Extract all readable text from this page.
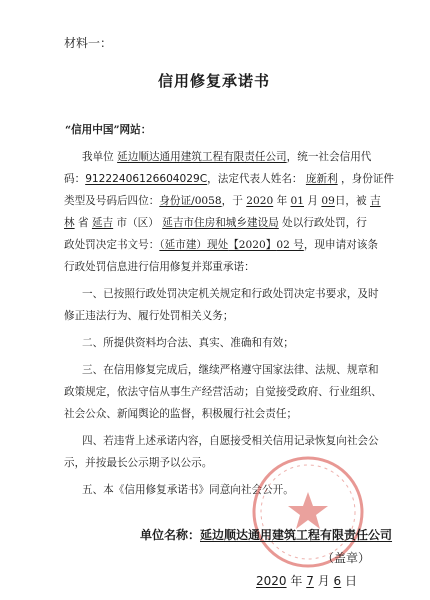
材料一：
信用修复承诺书
“信用中国”网站：
我单位 延边顺达通用建筑工程有限责任公司，统一社会信用代
码：91222406126604029C，法定代表人姓名： 庞新利 ，身份证件
类型及号码后四位：身份证/0058，于 2020 年 01 月 09日，被 吉
林 省 延吉 市（区） 延吉市住房和城乡建设局 处以行政处罚，行
政处罚决定书文号：（延市建）现处【2020】02 号，现申请对该条
行政处罚信息进行信用修复并郑重承诺：
一、已按照行政处罚决定机关规定和行政处罚决定书要求，及时
修正违法行为、履行处罚相关义务；
二、所提供资料均合法、真实、准确和有效；
三、在信用修复完成后，继续严格遵守国家法律、法规、规章和
政策规定，依法守信从事生产经营活动；自觉接受政府、行业组织、
社会公众、新闻舆论的监督，积极履行社会责任；
四、若违背上述承诺内容，自愿接受相关信用记录恢复向社会公
示，并按最长公示期予以公示。
五、本《信用修复承诺书》同意向社会公开。
单位名称：延边顺达通用建筑工程有限责任公司
（盖章）
2020 年 7 月 6 日
